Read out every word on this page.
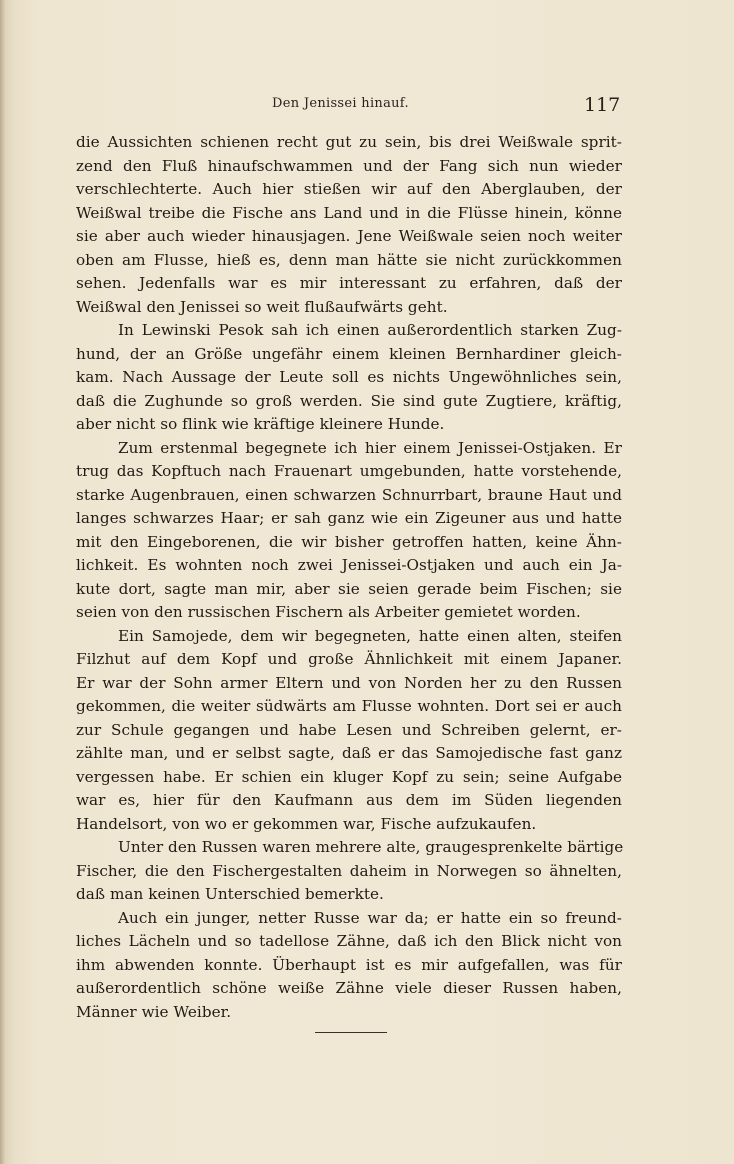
Den Jenissei hinauf.	117
die Aussichten schienen recht gut zu sein, bis drei Weißwale sprit-
zend den Fluß hinaufschwammen und der Fang sich nun wieder
verschlechterte. Auch hier stießen wir auf den Aberglauben, der
Weißwal treibe die Fische ans Land und in die Flüsse hinein, könne
sie aber auch wieder hinausjagen. Jene Weißwale seien noch weiter
oben am Flusse, hieß es, denn man hätte sie nicht zurückkommen
sehen. Jedenfalls war es mir interessant zu erfahren, daß der
Weißwal den Jenissei so weit flußaufwärts geht.
In Lewinski Pesok sah ich einen außerordentlich starken Zug-
hund, der an Größe ungefähr einem kleinen Bernhardiner gleich-
kam. Nach Aussage der Leute soll es nichts Ungewöhnliches sein,
daß die Zughunde so groß werden. Sie sind gute Zugtiere, kräftig,
aber nicht so flink wie kräftige kleinere Hunde.
Zum erstenmal begegnete ich hier einem Jenissei-Ostjaken. Er
trug das Kopftuch nach Frauenart umgebunden, hatte vorstehende,
starke Augenbrauen, einen schwarzen Schnurrbart, braune Haut und
langes schwarzes Haar; er sah ganz wie ein Zigeuner aus und hatte
mit den Eingeborenen, die wir bisher getroffen hatten, keine Ähn-
lichkeit. Es wohnten noch zwei Jenissei-Ostjaken und auch ein Ja-
kute dort, sagte man mir, aber sie seien gerade beim Fischen; sie
seien von den russischen Fischern als Arbeiter gemietet worden.
Ein Samojede, dem wir begegneten, hatte einen alten, steifen
Filzhut auf dem Kopf und große Ähnlichkeit mit einem Japaner.
Er war der Sohn armer Eltern und von Norden her zu den Russen
gekommen, die weiter südwärts am Flusse wohnten. Dort sei er auch
zur Schule gegangen und habe Lesen und Schreiben gelernt, er-
zählte man, und er selbst sagte, daß er das Samojedische fast ganz
vergessen habe. Er schien ein kluger Kopf zu sein; seine Aufgabe
war es, hier für den Kaufmann aus dem im Süden liegenden
Handelsort, von wo er gekommen war, Fische aufzukaufen.
Unter den Russen waren mehrere alte, graugesprenkelte bärtige
Fischer, die den Fischergestalten daheim in Norwegen so ähnelten,
daß man keinen Unterschied bemerkte.
Auch ein junger, netter Russe war da; er hatte ein so freund-
liches Lächeln und so tadellose Zähne, daß ich den Blick nicht von
ihm abwenden konnte. Überhaupt ist es mir aufgefallen, was für
außerordentlich schöne weiße Zähne viele dieser Russen haben,
Männer wie Weiber.
